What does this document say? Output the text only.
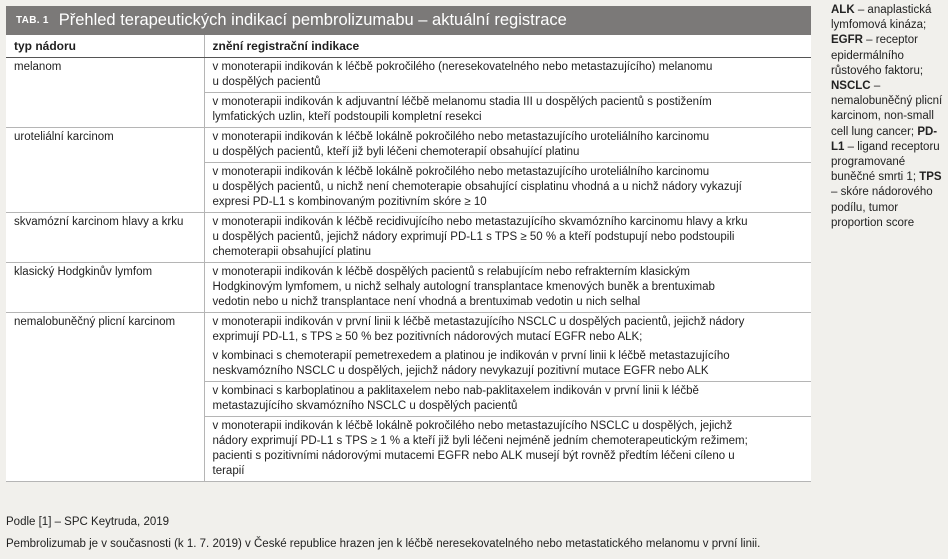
TAB. 1 Přehled terapeutických indikací pembrolizumabu – aktuální registrace
typ nádoru	znění registrační indikace
melanom	v monoterapii indikován k léčbě pokročilého (neresekovatelného nebo metastazujícího) melanomu
u dospělých pacientů
	v monoterapii indikován k adjuvantní léčbě melanomu stadia III u dospělých pacientů s postižením
lymfatických uzlin, kteří podstoupili kompletní resekci
uroteliální karcinom	v monoterapii indikován k léčbě lokálně pokročilého nebo metastazujícího uroteliálního karcinomu
u dospělých pacientů, kteří již byli léčeni chemoterapií obsahující platinu
	v monoterapii indikován k léčbě lokálně pokročilého nebo metastazujícího uroteliálního karcinomu
u dospělých pacientů, u nichž není chemoterapie obsahující cisplatinu vhodná a u nichž nádory vykazují
expresi PD-L1 s kombinovaným pozitivním skóre ≥ 10
skvamózní karcinom hlavy a krku	v monoterapii indikován k léčbě recidivujícího nebo metastazujícího skvamózního karcinomu hlavy a krku
u dospělých pacientů, jejichž nádory exprimují PD-L1 s TPS ≥ 50 % a kteří podstupují nebo podstoupili
chemoterapii obsahující platinu
klasický Hodgkinův lymfom	v monoterapii indikován k léčbě dospělých pacientů s relabujícím nebo refrakterním klasickým
Hodgkinovým lymfomem, u nichž selhaly autologní transplantace kmenových buněk a brentuximab
vedotin nebo u nichž transplantace není vhodná a brentuximab vedotin u nich selhal
nemalobuněčný plicní karcinom	v monoterapii indikován v první linii k léčbě metastazujícího NSCLC u dospělých pacientů, jejichž nádory
exprimují PD-L1, s TPS ≥ 50 % bez pozitivních nádorových mutací EGFR nebo ALK;
	v kombinaci s chemoterapií pemetrexedem a platinou je indikován v první linii k léčbě metastazujícího
neskvamózního NSCLC u dospělých, jejichž nádory nevykazují pozitivní mutace EGFR nebo ALK
	v kombinaci s karboplatinou a paklitaxelem nebo nab-paklitaxelem indikován v první linii k léčbě
metastazujícího skvamózního NSCLC u dospělých pacientů
	v monoterapii indikován k léčbě lokálně pokročilého nebo metastazujícího NSCLC u dospělých, jejichž
nádory exprimují PD-L1 s TPS ≥ 1 % a kteří již byli léčeni nejméně jedním chemoterapeutickým režimem;
pacienti s pozitivními nádorovými mutacemi EGFR nebo ALK musejí být rovněž předtím léčeni cíleno u
terapií
ALK – anaplastická lymfomová kináza; EGFR – receptor epidermálního růstového faktoru; NSCLC – nemalobuněčný plicní karcinom, non-small cell lung cancer; PD-L1 – ligand receptoru programované buněčné smrti 1; TPS – skóre nádorového podílu, tumor proportion score
Podle [1] – SPC Keytruda, 2019
Pembrolizumab je v současnosti (k 1. 7. 2019) v České republice hrazen jen k léčbě neresekovatelného nebo metastatického melanomu v první linii.
